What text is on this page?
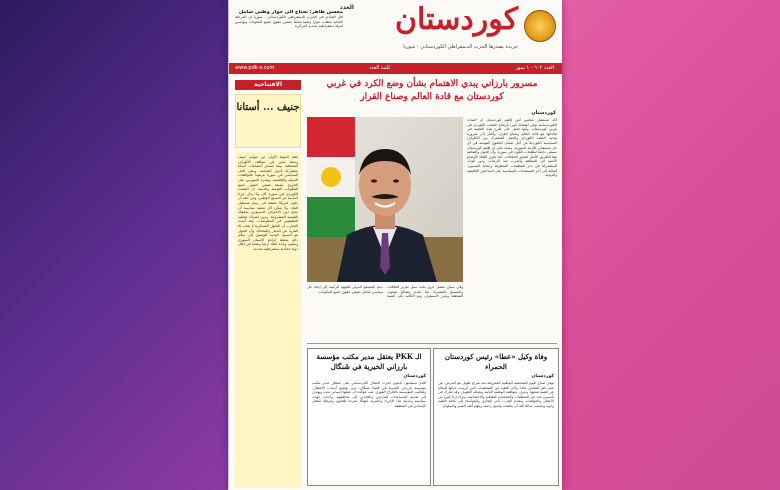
كوردستان
العدد
جريدة يصدرها الحزب الديمقراطي الكوردستاني - سوريا
محسن طاهر: نحتاج الى حوار وطني شامل
قال القيادي في الحزب الديمقراطي الكوردستاني - سوريا إن المرحلة الحالية تتطلب حوارا وطنيا شاملا يضمن حقوق جميع المكونات ويؤسس لدولة ديمقراطية تعددية لامركزية
www.pdk-s.com	كلمة العدد	العدد ٦٠٢ - ١ تموز
الافتتاحية
جنيف ... أستانا
تعقد الجولة الأولى من مؤتمر جنيف وسط تباين في مواقف الأطراف المختلفة، بينما تستمر اجتماعات أستانا بمشاركة الدول الضامنة. ويبقى الحل السياسي في سوريا مرهونا بالتوافقات الدولية والإقليمية، وبقدرة السوريين على الخروج بصيغة تضمن حقوق جميع المكونات القومية والدينية. إن الشعب الكوردي في سوريا كان ولا يزال جزءا أساسيا من النسيج الوطني، ومن حقه أن يكون شريكا حقيقيا في رسم مستقبل البلاد. ولا يمكن لأي عملية سياسية أن تنجح دون الاعتراف الدستوري بحقوقه القومية المشروعة، ودون إشراك ممثليه الحقيقيين في المفاوضات. وقد أثبتت التجارب أن الحلول العسكرية لا تجلب إلا المزيد من الدمار والمعاناة، وأن الحوار هو السبيل الوحيد للوصول إلى سلام دائم يحفظ كرامة الإنسان السوري ويصون وحدة البلاد أرضا وشعبا في إطار دولة اتحادية ديمقراطية تعددية.
مسرور بارزاني يبدي الاهتمام بشأن وضع الكرد في غربي كوردستان مع قادة العالم وصناع القرار
كوردستان
أكد مستشار مجلس أمن إقليم كوردستان أن القيادة الكوردستانية تولي اهتماما كبيرا بأوضاع الشعب الكوردي في غربي كوردستان، وأنها تعمل على طرح هذه القضية في لقاءاتها مع قادة العالم وصناع القرار. وأشار إلى ضرورة توحيد الصف الكوردي والعمل المشترك بين الأطراف السياسية الكوردية من أجل ضمان الحقوق القومية في أي حل مستقبلي للأزمة السورية. وشدد على أن إقليم كوردستان سيبقى داعما لتطلعات الكورد في سوريا، وأن الحوار والتفاهم هما الطريق الأمثل لتجاوز الخلافات. كما تناول اللقاء الأوضاع الأمنية في المنطقة والحرب ضد الإرهاب، ودور قوات البيشمركة في دحر التنظيمات المتطرفة وحماية المدنيين، إضافة إلى آخر المستجدات السياسية على الساحتين الإقليمية والدولية.
وفي سياق متصل جرى بحث سبل تعزيز العلاقات والتنسيق المشترك بما يخدم مصالح شعوب المنطقة ويعزز الاستقرار، وتم التأكيد على أهمية دعم المجتمع الدولي للجهود الرامية إلى إيجاد حل سياسي شامل يضمن حقوق جميع المكونات.
الـ PKK يعتقل مدير مكتب مؤسسة بارزاني الخيرية في شَنگال
كوردستان
أقدم مسلحون تابعون لحزب العمال الكردستاني على اعتقال مدير مكتب مؤسسة بارزاني الخيرية في قضاء شنگال، دون توضيح أسباب الاعتقال. وطالبت المؤسسة بالإفراج الفوري عنه، مؤكدة أن عملها إنساني بحت ويهدف إلى تقديم المساعدات للنازحين والعائدين إلى مناطقهم. وأدانت جهات سياسية ومدنية هذا الإجراء واعتبرته انتهاكا صارخا للقانون وعرقلة للعمل الإنساني في المنطقة.
وفاة وكيل «عطا» رئيس كوردستان الحمراء
كوردستان
توفي صباح اليوم الشخصية الوطنية المعروفة بعد صراع طويل مع المرض، عن عمر ناهز الثمانين عاما. وكان الفقيد من الشخصيات التي كرست حياتها للدفاع عن قضية شعبها، وعرف بمواقفه الوطنية الثابتة ونضاله الطويل. وقد شارك في تأسيس عدد من المنظمات والجمعيات الثقافية والاجتماعية، وترك إرثا كبيرا من الأعمال والمؤلفات. وتقدم الحزب بأحر التعازي والمواساة إلى عائلة الفقيد وذويه ومحبيه، سائلا الله أن يتغمده بواسع رحمته ويلهم أهله الصبر والسلوان.
